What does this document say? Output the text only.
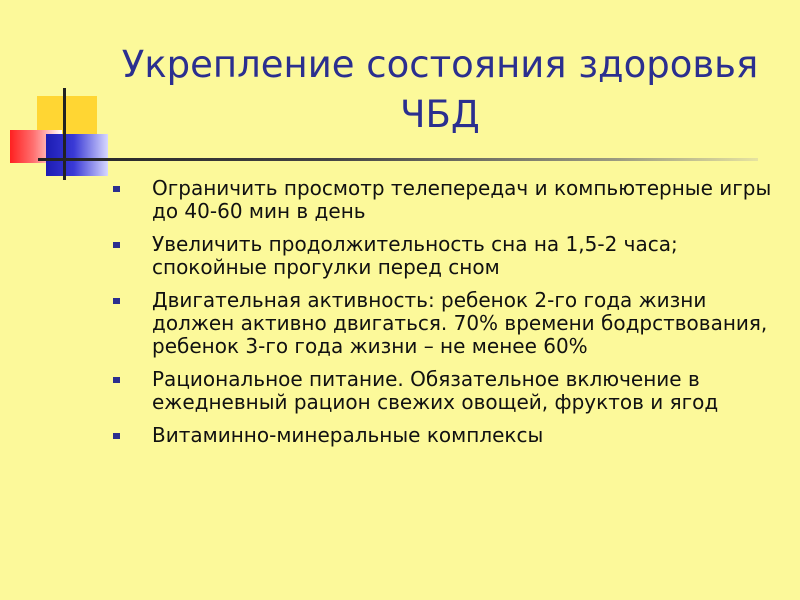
Укрепление состояния здоровья
ЧБД
Ограничить просмотр телепередач и компьютерные игры до 40-60 мин в день
Увеличить продолжительность сна на 1,5-2 часа; спокойные прогулки перед сном
Двигательная активность: ребенок 2-го года жизни должен активно двигаться. 70% времени бодрствования, ребенок 3-го года жизни – не менее 60%
Рациональное питание. Обязательное включение в ежедневный рацион свежих овощей, фруктов и ягод
Витаминно-минеральные комплексы
